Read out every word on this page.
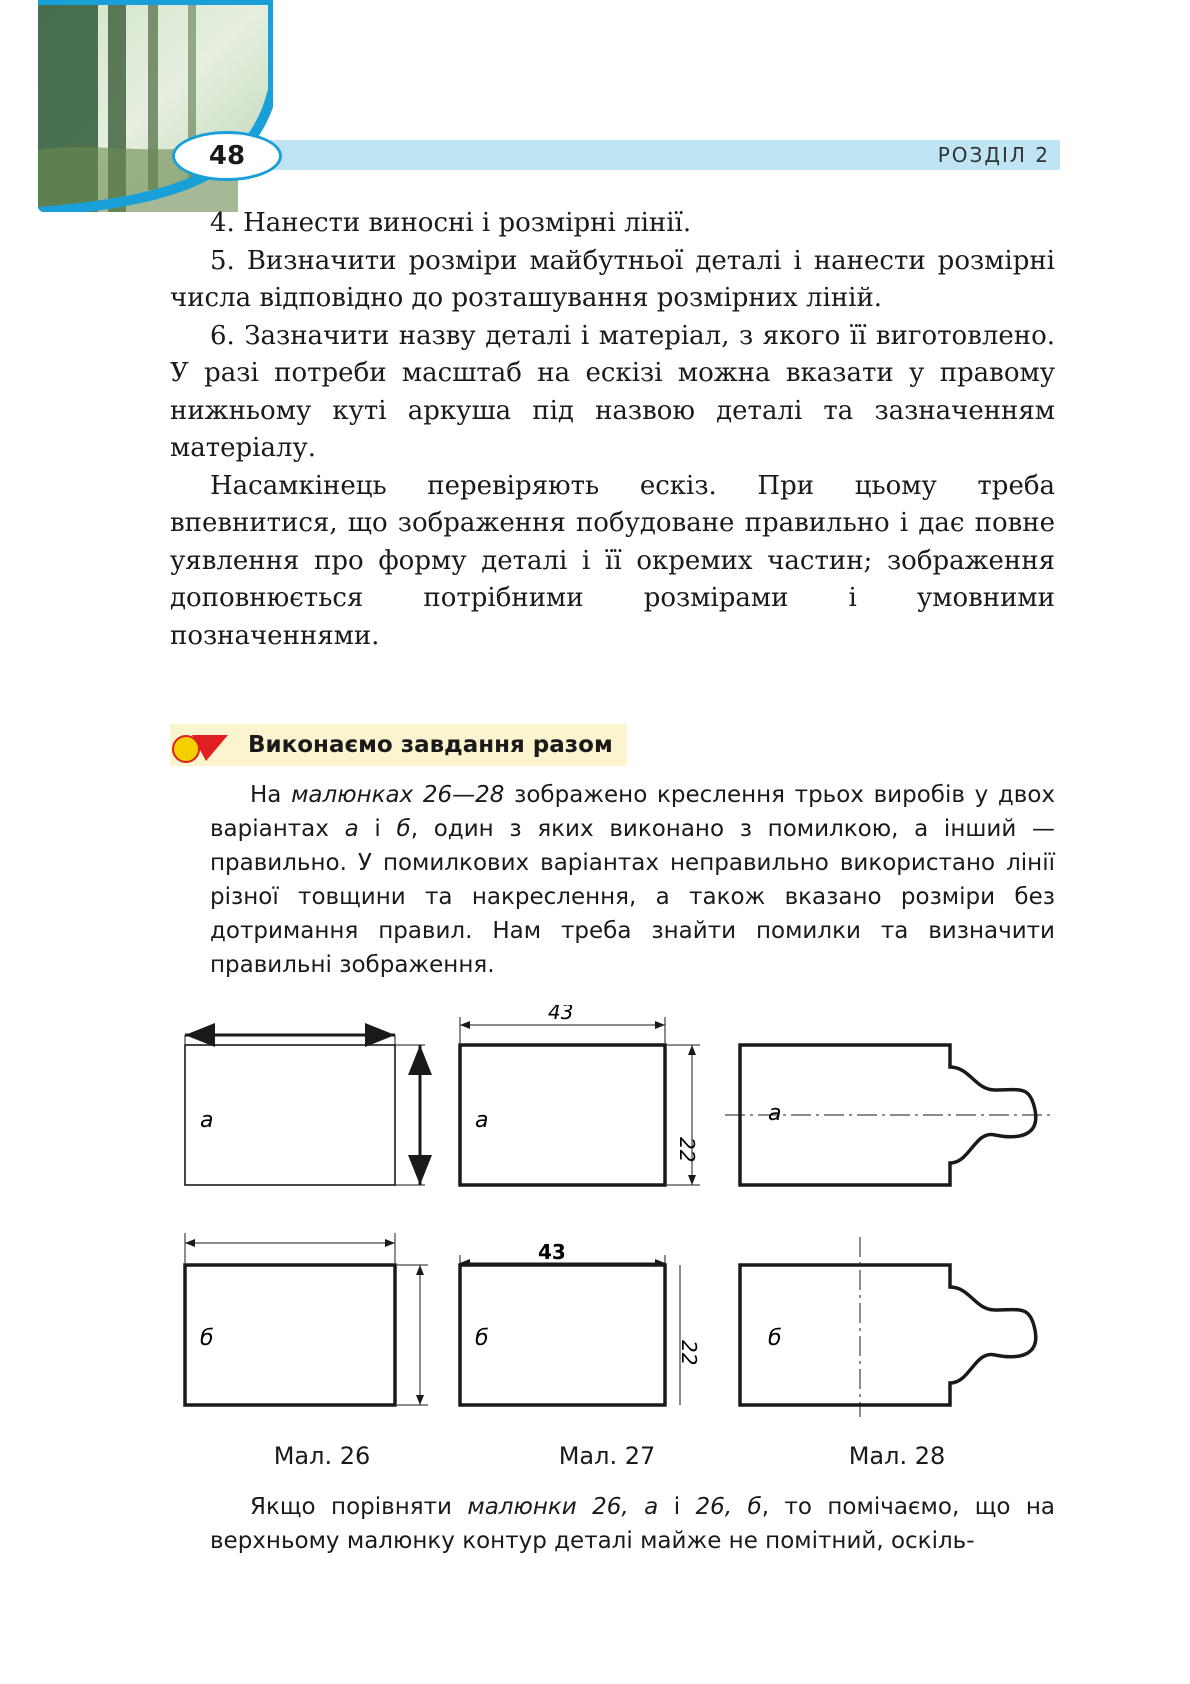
48	РОЗДІЛ 2

4. Нанести виносні і розмірні лінії.

5. Визначити розміри майбутньої деталі і нанести розмірні числа відповідно до розташування розмірних ліній.

6. Зазначити назву деталі і матеріал, з якого її виготовлено. У разі потреби масштаб на ескізі можна вказати у правому нижньому куті аркуша під назвою деталі та зазначенням матеріалу.

Насамкінець перевіряють ескіз. При цьому треба впевнитися, що зображення побудоване правильно і дає повне уявлення про форму деталі і її окремих частин; зображення доповнюється потрібними розмірами і умовними позначеннями.

Виконаємо завдання разом

На малюнках 26—28 зображено креслення трьох виробів у двох варіантах а і б, один з яких виконано з помилкою, а інший — правильно. У помилкових варіантах неправильно використано лінії різної товщини та накреслення, а також вказано розміри без дотримання правил. Нам треба знайти помилки та визначити правильні зображення.

а	а
43
22
а
б	б
43
22
б
Мал. 26	Мал. 27	Мал. 28

Якщо порівняти малюнки 26, а і 26, б, то помічаємо, що на верхньому малюнку контур деталі майже не помітний, оскіль-
